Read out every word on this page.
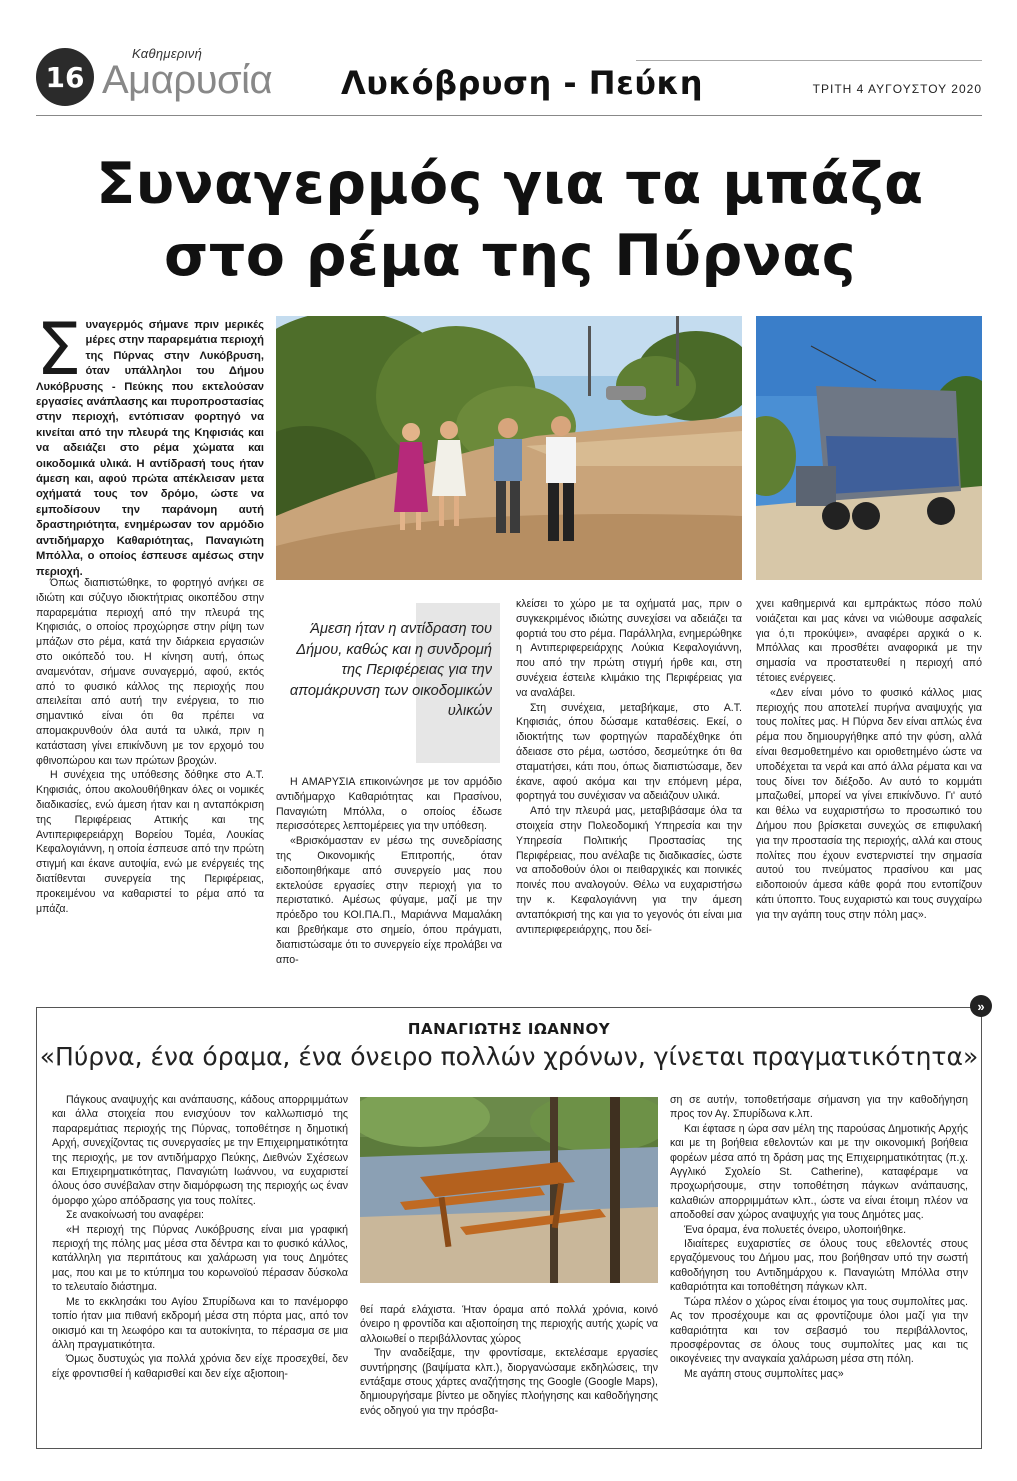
16
Καθημερινή
Αμαρυσία Λυκόβρυση - Πεύκη	ΤΡΙΤΗ 4 ΑΥΓΟΥΣΤΟΥ 2020
Συναγερμός για τα μπάζα
στο ρέμα της Πύρνας
Σ υναγερμός σήμανε πριν μερικές μέρες στην παραρεμάτια περιοχή της Πύρνας στην Λυκόβρυση, όταν υπάλληλοι του Δήμου Λυκόβρυσης - Πεύκης που εκτελούσαν εργασίες ανάπλασης και πυροπροστασίας στην περιοχή, εντόπισαν φορτηγό να κινείται από την πλευρά της Κηφισιάς και να αδειάζει στο ρέμα χώματα και οικοδομικά υλικά. Η αντίδρασή τους ήταν άμεση και, αφού πρώτα απέκλεισαν μετα οχήματά τους τον δρόμο, ώστε να εμποδίσουν την παράνομη αυτή δραστηριότητα, ενημέρωσαν τον αρμόδιο αντιδήμαρχο Καθαριότητας, Παναγιώτη Μπόλλα, ο οποίος έσπευσε αμέσως στην περιοχή.

Όπως διαπιστώθηκε, το φορτηγό ανήκει σε ιδιώτη και σύζυγο ιδιοκτήτριας οικοπέδου στην παραρεμάτια περιοχή από την πλευρά της Κηφισιάς, ο οποίος προχώρησε στην ρίψη των μπάζων στο ρέμα, κατά την διάρκεια εργασιών στο οικόπεδό του. Η κίνηση αυτή, όπως αναμενόταν, σήμανε συναγερμό, αφού, εκτός από το φυσικό κάλλος της περιοχής που απειλείται από αυτή την ενέργεια, το πιο σημαντικό είναι ότι θα πρέπει να απομακρυνθούν όλα αυτά τα υλικά, πριν η κατάσταση γίνει επικίνδυνη με τον ερχομό του φθινοπώρου και των πρώτων βροχών.

Η συνέχεια της υπόθεσης δόθηκε στο Α.Τ. Κηφισιάς, όπου ακολουθήθηκαν όλες οι νομικές διαδικασίες, ενώ άμεση ήταν και η ανταπόκριση της Περιφέρειας Αττικής και της Αντιπεριφερειάρχη Βορείου Τομέα, Λουκίας Κεφαλογιάννη, η οποία έσπευσε από την πρώτη στιγμή και έκανε αυτοψία, ενώ με ενέργειές της διατίθενται συνεργεία της Περιφέρειας, προκειμένου να καθαριστεί το ρέμα από τα μπάζα.

Άμεση ήταν η αντίδραση του Δήμου, καθώς και η συνδρομή της Περιφέρειας για την απομάκρυνση των οικοδομικών υλικών

Η ΑΜΑΡΥΣΙΑ επικοινώνησε με τον αρμόδιο αντιδήμαρχο Καθαριότητας και Πρασίνου, Παναγιώτη Μπόλλα, ο οποίος έδωσε περισσότερες λεπτομέρειες για την υπόθεση.

«Βρισκόμασταν εν μέσω της συνεδρίασης της Οικονομικής Επιτροπής, όταν ειδοποιηθήκαμε από συνεργείο μας που εκτελούσε εργασίες στην περιοχή για το περιστατικό. Αμέσως φύγαμε, μαζί με την πρόεδρο του ΚΟΙ.ΠΑ.Π., Μαριάννα Μαμαλάκη και βρεθήκαμε στο σημείο, όπου πράγματι, διαπιστώσαμε ότι το συνεργείο είχε προλάβει να απο-

κλείσει το χώρο με τα οχήματά μας, πριν ο συγκεκριμένος ιδιώτης συνεχίσει να αδειάζει τα φορτιά του στο ρέμα. Παράλληλα, ενημερώθηκε η Αντιπεριφερειάρχης Λούκια Κεφαλογιάννη, που από την πρώτη στιγμή ήρθε και, στη συνέχεια έστειλε κλιμάκιο της Περιφέρειας για να αναλάβει.

Στη συνέχεια, μεταβήκαμε, στο Α.Τ. Κηφισιάς, όπου δώσαμε καταθέσεις. Εκεί, ο ιδιοκτήτης των φορτηγών παραδέχθηκε ότι άδειασε στο ρέμα, ωστόσο, δεσμεύτηκε ότι θα σταματήσει, κάτι που, όπως διαπιστώσαμε, δεν έκανε, αφού ακόμα και την επόμενη μέρα, φορτηγά του συνέχισαν να αδειάζουν υλικά.

Από την πλευρά μας, μεταβιβάσαμε όλα τα στοιχεία στην Πολεοδομική Υπηρεσία και την Υπηρεσία Πολιτικής Προστασίας της Περιφέρειας, που ανέλαβε τις διαδικασίες, ώστε να αποδοθούν όλοι οι πειθαρχικές και ποινικές ποινές που αναλογούν. Θέλω να ευχαριστήσω την κ. Κεφαλογιάννη για την άμεση ανταπόκρισή της και για το γεγονός ότι είναι μια αντιπεριφερειάρχης, που δεί-

χνει καθημερινά και εμπράκτως πόσο πολύ νοιάζεται και μας κάνει να νιώθουμε ασφαλείς για ό,τι προκύψει», αναφέρει αρχικά ο κ. Μπόλλας και προσθέτει αναφορικά με την σημασία να προστατευθεί η περιοχή από τέτοιες ενέργειες.

«Δεν είναι μόνο το φυσικό κάλλος μιας περιοχής που αποτελεί πυρήνα αναψυχής για τους πολίτες μας. Η Πύρνα δεν είναι απλώς ένα ρέμα που δημιουργήθηκε από την φύση, αλλά είναι θεσμοθετημένο και οριοθετημένο ώστε να υποδέχεται τα νερά και από άλλα ρέματα και να τους δίνει τον διέξοδο. Αν αυτό το κομμάτι μπαζωθεί, μπορεί να γίνει επικίνδυνο. Γι' αυτό και θέλω να ευχαριστήσω το προσωπικό του Δήμου που βρίσκεται συνεχώς σε επιφυλακή για την προστασία της περιοχής, αλλά και στους πολίτες που έχουν ενστερνιστεί την σημασία αυτού του πνεύματος πρασίνου και μας ειδοποιούν άμεσα κάθε φορά που εντοπίζουν κάτι ύποπτο. Τους ευχαριστώ και τους συγχαίρω για την αγάπη τους στην πόλη μας».

»
ΠΑΝΑΓΙΩΤΗΣ ΙΩΑΝΝΟΥ
«Πύρνα, ένα όραμα, ένα όνειρο πολλών χρόνων, γίνεται πραγματικότητα»

Πάγκους αναψυχής και ανάπαυσης, κάδους απορριμμάτων και άλλα στοιχεία που ενισχύουν τον καλλωπισμό της παραρεμάτιας περιοχής της Πύρνας, τοποθέτησε η δημοτική Αρχή, συνεχίζοντας τις συνεργασίες με την Επιχειρηματικότητα της περιοχής, με τον αντιδήμαρχο Πεύκης, Διεθνών Σχέσεων και Επιχειρηματικότητας, Παναγιώτη Ιωάννου, να ευχαριστεί όλους όσο συνέβαλαν στην διαμόρφωση της περιοχής ως έναν όμορφο χώρο απόδρασης για τους πολίτες.

Σε ανακοίνωσή του αναφέρει:

«Η περιοχή της Πύρνας Λυκόβρυσης είναι μια γραφική περιοχή της πόλης μας μέσα στα δέντρα και το φυσικό κάλλος, κατάλληλη για περιπάτους και χαλάρωση για τους Δημότες μας, που και με το κτύπημα του κορωνοϊού πέρασαν δύσκολα το τελευταίο διάστημα.

Με το εκκλησάκι του Αγίου Σπυρίδωνα και το πανέμορφο τοπίο ήταν μια πιθανή εκδρομή μέσα στη πόρτα μας, από τον οικισμό και τη λεωφόρο και τα αυτοκίνητα, το πέρασμα σε μια άλλη πραγματικότητα.

Όμως δυστυχώς για πολλά χρόνια δεν είχε προσεχθεί, δεν είχε φροντισθεί ή καθαρισθεί και δεν είχε αξιοποιη-

θεί παρά ελάχιστα. Ήταν όραμα από πολλά χρόνια, κοινό όνειρο η φροντίδα και αξιοποίηση της περιοχής αυτής χωρίς να αλλοιωθεί ο περιβάλλοντας χώρος

Την αναδείξαμε, την φροντίσαμε, εκτελέσαμε εργασίες συντήρησης (βαψίματα κλπ.), διοργανώσαμε εκδηλώσεις, την εντάξαμε στους χάρτες αναζήτησης της Google (Google Maps), δημιουργήσαμε βίντεο με οδηγίες πλοήγησης και καθοδήγησης ενός οδηγού για την πρόσβα-

ση σε αυτήν, τοποθετήσαμε σήμανση για την καθοδήγηση προς τον Αγ. Σπυρίδωνα κ.λπ.

Και έφτασε η ώρα σαν μέλη της παρούσας Δημοτικής Αρχής και με τη βοήθεια εθελοντών και με την οικονομική βοήθεια φορέων μέσα από τη δράση μας της Επιχειρηματικότητας (π.χ. Αγγλικό Σχολείο St. Catherine), καταφέραμε να προχωρήσουμε, στην τοποθέτηση πάγκων ανάπαυσης, καλαθιών απορριμμάτων κλπ., ώστε να είναι έτοιμη πλέον να αποδοθεί σαν χώρος αναψυχής για τους Δημότες μας.

Ένα όραμα, ένα πολυετές όνειρο, υλοποιήθηκε.

Ιδιαίτερες ευχαριστίες σε όλους τους εθελοντές στους εργαζόμενους του Δήμου μας, που βοήθησαν υπό την σωστή καθοδήγηση του Αντιδημάρχου κ. Παναγιώτη Μπόλλα στην καθαριότητα και τοποθέτηση πάγκων κλπ.

Τώρα πλέον ο χώρος είναι έτοιμος για τους συμπολίτες μας. Ας τον προσέχουμε και ας φροντίζουμε όλοι μαζί για την καθαριότητα και τον σεβασμό του περιβάλλοντος, προσφέροντας σε όλους τους συμπολίτες μας και τις οικογένειες την αναγκαία χαλάρωση μέσα στη πόλη.

Με αγάπη στους συμπολίτες μας»
